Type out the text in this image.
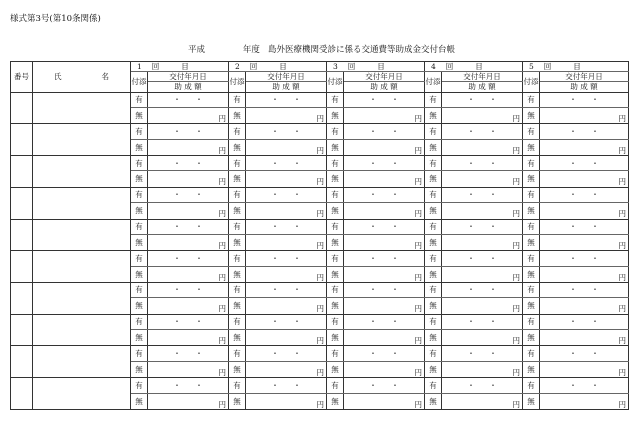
様式第3号(第10条関係)
平成	年度 島外医療機関受診に係る交通費等助成金交付台帳
番号	氏 名	1 回 目		2 回 目		3 回 目		4 回 目		5 回 目	
		付添	交付年月日	付添	交付年月日	付添	交付年月日	付添	交付年月日	付添	交付年月日
			助 成 額		助 成 額		助 成 額		助 成 額		助 成 額
		有	・ ・	有	・ ・	有	・ ・	有	・ ・	有	・ ・
		無	円	無	円	無	円	無	円	無	円
		有	・ ・	有	・ ・	有	・ ・	有	・ ・	有	・ ・
		無	円	無	円	無	円	無	円	無	円
		有	・ ・	有	・ ・	有	・ ・	有	・ ・	有	・ ・
		無	円	無	円	無	円	無	円	無	円
		有	・ ・	有	・ ・	有	・ ・	有	・ ・	有	・ ・
		無	円	無	円	無	円	無	円	無	円
		有	・ ・	有	・ ・	有	・ ・	有	・ ・	有	・ ・
		無	円	無	円	無	円	無	円	無	円
		有	・ ・	有	・ ・	有	・ ・	有	・ ・	有	・ ・
		無	円	無	円	無	円	無	円	無	円
		有	・ ・	有	・ ・	有	・ ・	有	・ ・	有	・ ・
		無	円	無	円	無	円	無	円	無	円
		有	・ ・	有	・ ・	有	・ ・	有	・ ・	有	・ ・
		無	円	無	円	無	円	無	円	無	円
		有	・ ・	有	・ ・	有	・ ・	有	・ ・	有	・ ・
		無	円	無	円	無	円	無	円	無	円
		有	・ ・	有	・ ・	有	・ ・	有	・ ・	有	・ ・
		無	円	無	円	無	円	無	円	無	円
